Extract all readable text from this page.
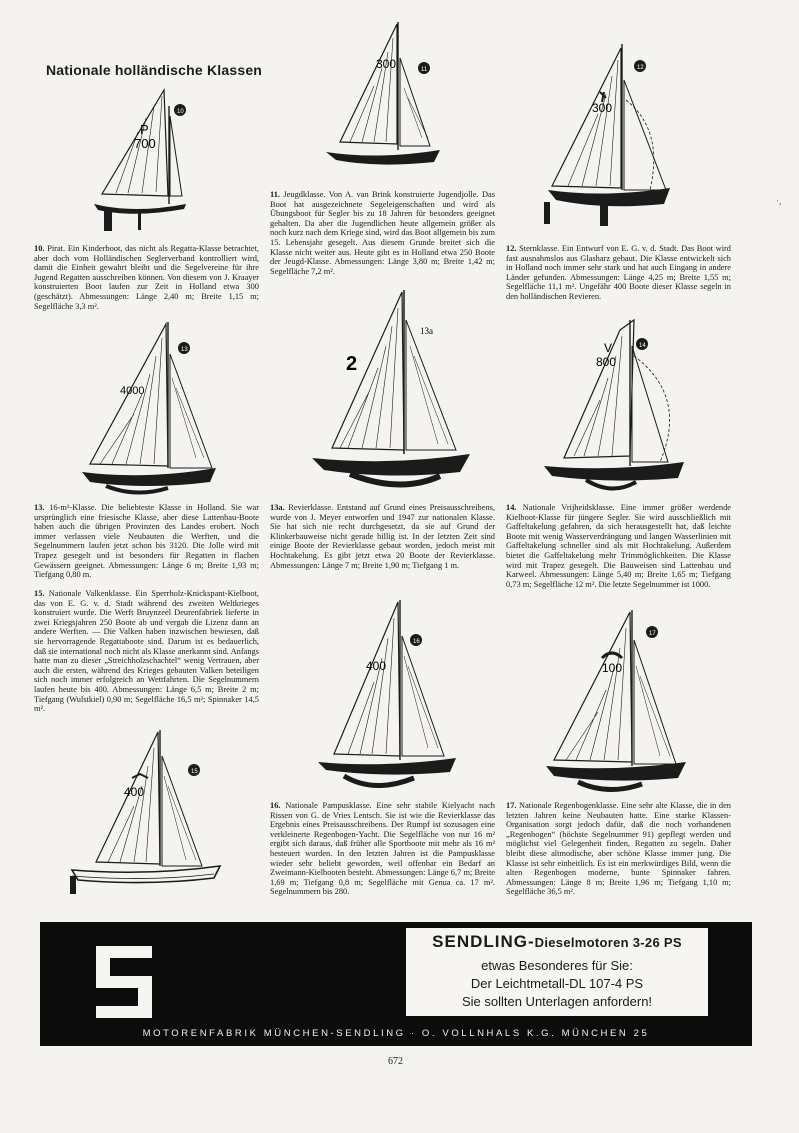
Nationale holländische Klassen
·,
P
700
10
10. Pirat. Ein Kinderboot, das nicht als Regatta-Klasse betrachtet, aber doch vom Holländischen Seglerverband kontrolliert wird, damit die Einheit gewahrt bleibt und die Segelvereine für ihre Jugend Regatten ausschreiben können. Von diesem von J. Kraayer konstruierten Boot laufen zur Zeit in Holland etwa 300 (geschätzt). Abmessungen: Länge 2,40 m; Breite 1,15 m; Segelfläche 3,3 m².
300	11
11. Jeugdklasse. Von A. van Brink konstruierte Jugendjolle. Das Boot hat ausgezeichnete Segeleigenschaften und wird als Übungsboot für Segler bis zu 18 Jahren für besonders geeignet gehalten. Da aber die Jugendlichen heute allgemein größer als noch kurz nach dem Kriege sind, wird das Boot allgemein bis zum 15. Lebensjahr gesegelt. Aus diesem Grunde breitet sich die Klasse nicht weiter aus. Heute gibt es in Holland etwa 250 Boote der Jeugd-Klasse. Abmessungen: Länge 3,80 m; Breite 1,42 m; Segelfläche 7,2 m².
300
12
12. Sternklasse. Ein Entwurf von E. G. v. d. Stadt. Das Boot wird fast ausnahmslos aus Glasharz gebaut. Die Klasse entwickelt sich in Holland noch immer sehr stark und hat auch Eingang in andere Länder gefunden. Abmessungen: Länge 4,25 m; Breite 1,55 m; Segelfläche 11,1 m². Ungefähr 400 Boote dieser Klasse segeln in den holländischen Revieren.
4000
13
13. 16-m²-Klasse. Die beliebteste Klasse in Holland. Sie war ursprünglich eine friesische Klasse, aber diese Lattenbau-Boote haben auch die übrigen Provinzen des Landes erobert. Noch immer verlassen viele Neubauten die Werften, und die Segelnummern laufen jetzt schon bis 3120. Die Jolle wird mit Trapez gesegelt und ist besonders für Regatten in flachen Gewässern geeignet. Abmessungen: Länge 6 m; Breite 1,93 m; Tiefgang 0,80 m.
2
13a
13a. Revierklasse. Entstand auf Grund eines Preisausschreibens, wurde von J. Meyer entworfen und 1947 zur nationalen Klasse. Sie hat sich nie recht durchgesetzt, da sie auf Grund der Klinkerbauweise nicht gerade billig ist. In der letzten Zeit sind einige Boote der Revierklasse gebaut worden, jedoch meist mit Hochtakelung. Es gibt jetzt etwa 20 Boote der Revierklasse. Abmessungen: Länge 7 m; Breite 1,90 m; Tiefgang 1 m.
V
800
14
14. Nationale Vrijheidsklasse. Eine immer größer werdende Kielboot-Klasse für jüngere Segler. Sie wird ausschließlich mit Gaffeltakelung gefahren, da sich herausgestellt hat, daß leichte Boote mit wenig Wasserverdrängung und langen Wasserlinien mit Gaffeltakelung schneller sind als mit Hochtakelung. Außerdem bietet die Gaffeltakelung mehr Trimmöglichkeiten. Die Klasse wird mit Trapez gesegelt. Die Bauweisen sind Lattenbau und Karweel. Abmessungen: Länge 5,40 m; Breite 1,65 m; Tiefgang 0,73 m; Segelfläche 12 m². Die letzte Segelnummer ist 1000.
400
16
16. Nationale Pampusklasse. Eine sehr stabile Kielyacht nach Rissen von G. de Vries Lentsch. Sie ist wie die Revierklasse das Ergebnis eines Preisausschreibens. Der Rumpf ist sozusagen eine verkleinerte Regenbogen-Yacht. Die Segelfläche von nur 16 m² ergibt sich daraus, daß früher alle Sportboote mit mehr als 16 m² besteuert wurden. In den letzten Jahren ist die Pampusklasse wieder sehr beliebt geworden, weil offenbar ein Bedarf an Zweimann-Kielbooten besteht. Abmessungen: Länge 6,7 m; Breite 1,69 m; Tiefgang 0,8 m; Segelfläche mit Genua ca. 17 m². Segelnummern bis 280.
100
17
17. Nationale Regenbogenklasse. Eine sehr alte Klasse, die in den letzten Jahren keine Neubauten hatte. Eine starke Klassen-Organisation sorgt jedoch dafür, daß die noch vorhandenen „Regenbogen“ (höchste Segelnummer 91) gepflegt werden und möglichst viel Gelegenheit finden, Regatten zu segeln. Daher bleibt diese altmodische, aber schöne Klasse immer jung. Die Klasse ist sehr einheitlich. Es ist ein merkwürdiges Bild, wenn die alten Regenbogen moderne, bunte Spinnaker fahren. Abmessungen: Länge 8 m; Breite 1,96 m; Tiefgang 1,10 m; Segelfläche 36,5 m².
15. Nationale Valkenklasse. Ein Sperrholz-Knickspant-Kielboot, das von E. G. v. d. Stadt während des zweiten Weltkrieges konstruiert wurde. Die Werft Bruynzeel Deurenfabriek lieferte in zwei Kriegsjahren 250 Boote ab und vergab die Lizenz dann an andere Werften. — Die Valken haben inzwischen bewiesen, daß sie hervorragende Regattaboote sind. Darum ist es bedauerlich, daß sie international noch nicht als Klasse anerkannt sind. Anfangs hatte man zu dieser „Streichholzschachtel“ wenig Vertrauen, aber auch die ersten, während des Krieges gebauten Valken beteiligen sich noch immer erfolgreich an Wettfahrten. Die Segelnummern laufen heute bis 400. Abmessungen: Länge 6,5 m; Breite 2 m; Tiefgang (Wulstkiel) 0,90 m; Segelfläche 16,5 m²; Spinnaker 14,5 m².
400
15
SENDLING-Dieselmotoren 3-26 PS
etwas Besonderes für Sie:
Der Leichtmetall-DL 107-4 PS
Sie sollten Unterlagen anfordern!
MOTORENFABRIK MÜNCHEN-SENDLING · O. VOLLNHALS K.G. MÜNCHEN 25
672
